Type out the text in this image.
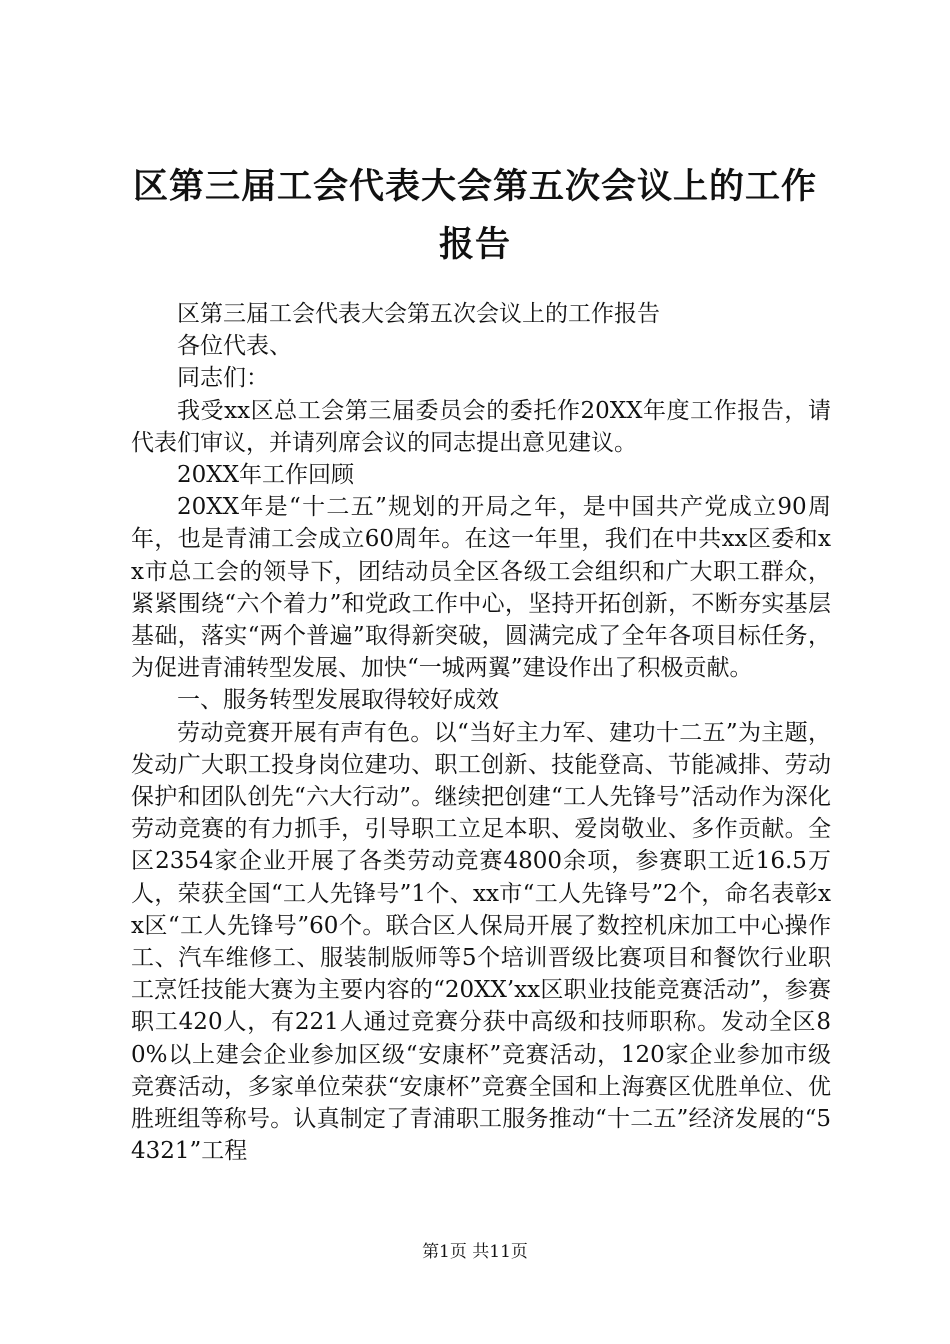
区第三届工会代表大会第五次会议上的工作报告

区第三届工会代表大会第五次会议上的工作报告

各位代表、

同志们：

我受xx区总工会第三届委员会的委托作20XX年度工作报告，请代表们审议，并请列席会议的同志提出意见建议。

20XX年工作回顾

20XX年是“十二五”规划的开局之年，是中国共产党成立90周年，也是青浦工会成立60周年。在这一年里，我们在中共xx区委和xx市总工会的领导下，团结动员全区各级工会组织和广大职工群众，紧紧围绕“六个着力”和党政工作中心，坚持开拓创新，不断夯实基层基础，落实“两个普遍”取得新突破，圆满完成了全年各项目标任务，为促进青浦转型发展、加快“一城两翼”建设作出了积极贡献。

一、服务转型发展取得较好成效

劳动竞赛开展有声有色。以“当好主力军、建功十二五”为主题，发动广大职工投身岗位建功、职工创新、技能登高、节能减排、劳动保护和团队创先“六大行动”。继续把创建“工人先锋号”活动作为深化劳动竞赛的有力抓手，引导职工立足本职、爱岗敬业、多作贡献。全区2354家企业开展了各类劳动竞赛4800余项，参赛职工近16.5万人，荣获全国“工人先锋号”1个、xx市“工人先锋号”2个，命名表彰xx区“工人先锋号”60个。联合区人保局开展了数控机床加工中心操作工、汽车维修工、服装制版师等5个培训晋级比赛项目和餐饮行业职工烹饪技能大赛为主要内容的“20XX’xx区职业技能竞赛活动”，参赛职工420人，有221人通过竞赛分获中高级和技师职称。发动全区80%以上建会企业参加区级“安康杯”竞赛活动，120家企业参加市级竞赛活动，多家单位荣获“安康杯”竞赛全国和上海赛区优胜单位、优胜班组等称号。认真制定了青浦职工服务推动“十二五”经济发展的“54321”工程

第1页 共11页
